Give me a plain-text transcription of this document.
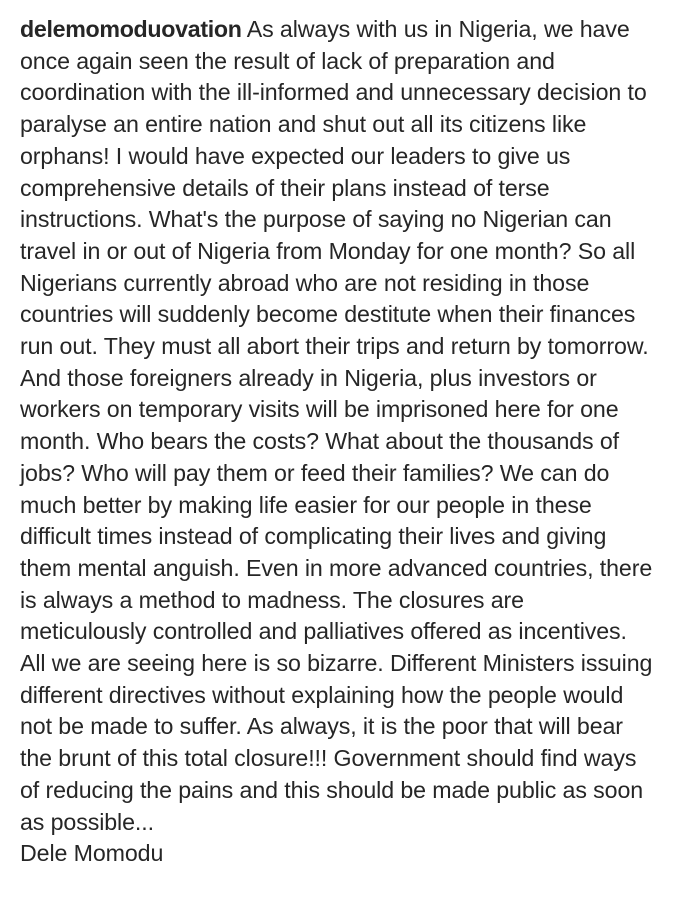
delemomoduovation As always with us in Nigeria, we have
once again seen the result of lack of preparation and
coordination with the ill-informed and unnecessary decision to
paralyse an entire nation and shut out all its citizens like
orphans! I would have expected our leaders to give us
comprehensive details of their plans instead of terse
instructions. What's the purpose of saying no Nigerian can
travel in or out of Nigeria from Monday for one month? So all
Nigerians currently abroad who are not residing in those
countries will suddenly become destitute when their finances
run out. They must all abort their trips and return by tomorrow.
And those foreigners already in Nigeria, plus investors or
workers on temporary visits will be imprisoned here for one
month. Who bears the costs? What about the thousands of
jobs? Who will pay them or feed their families? We can do
much better by making life easier for our people in these
difficult times instead of complicating their lives and giving
them mental anguish. Even in more advanced countries, there
is always a method to madness. The closures are
meticulously controlled and palliatives offered as incentives.
All we are seeing here is so bizarre. Different Ministers issuing
different directives without explaining how the people would
not be made to suffer. As always, it is the poor that will bear
the brunt of this total closure!!! Government should find ways
of reducing the pains and this should be made public as soon
as possible...
Dele Momodu
